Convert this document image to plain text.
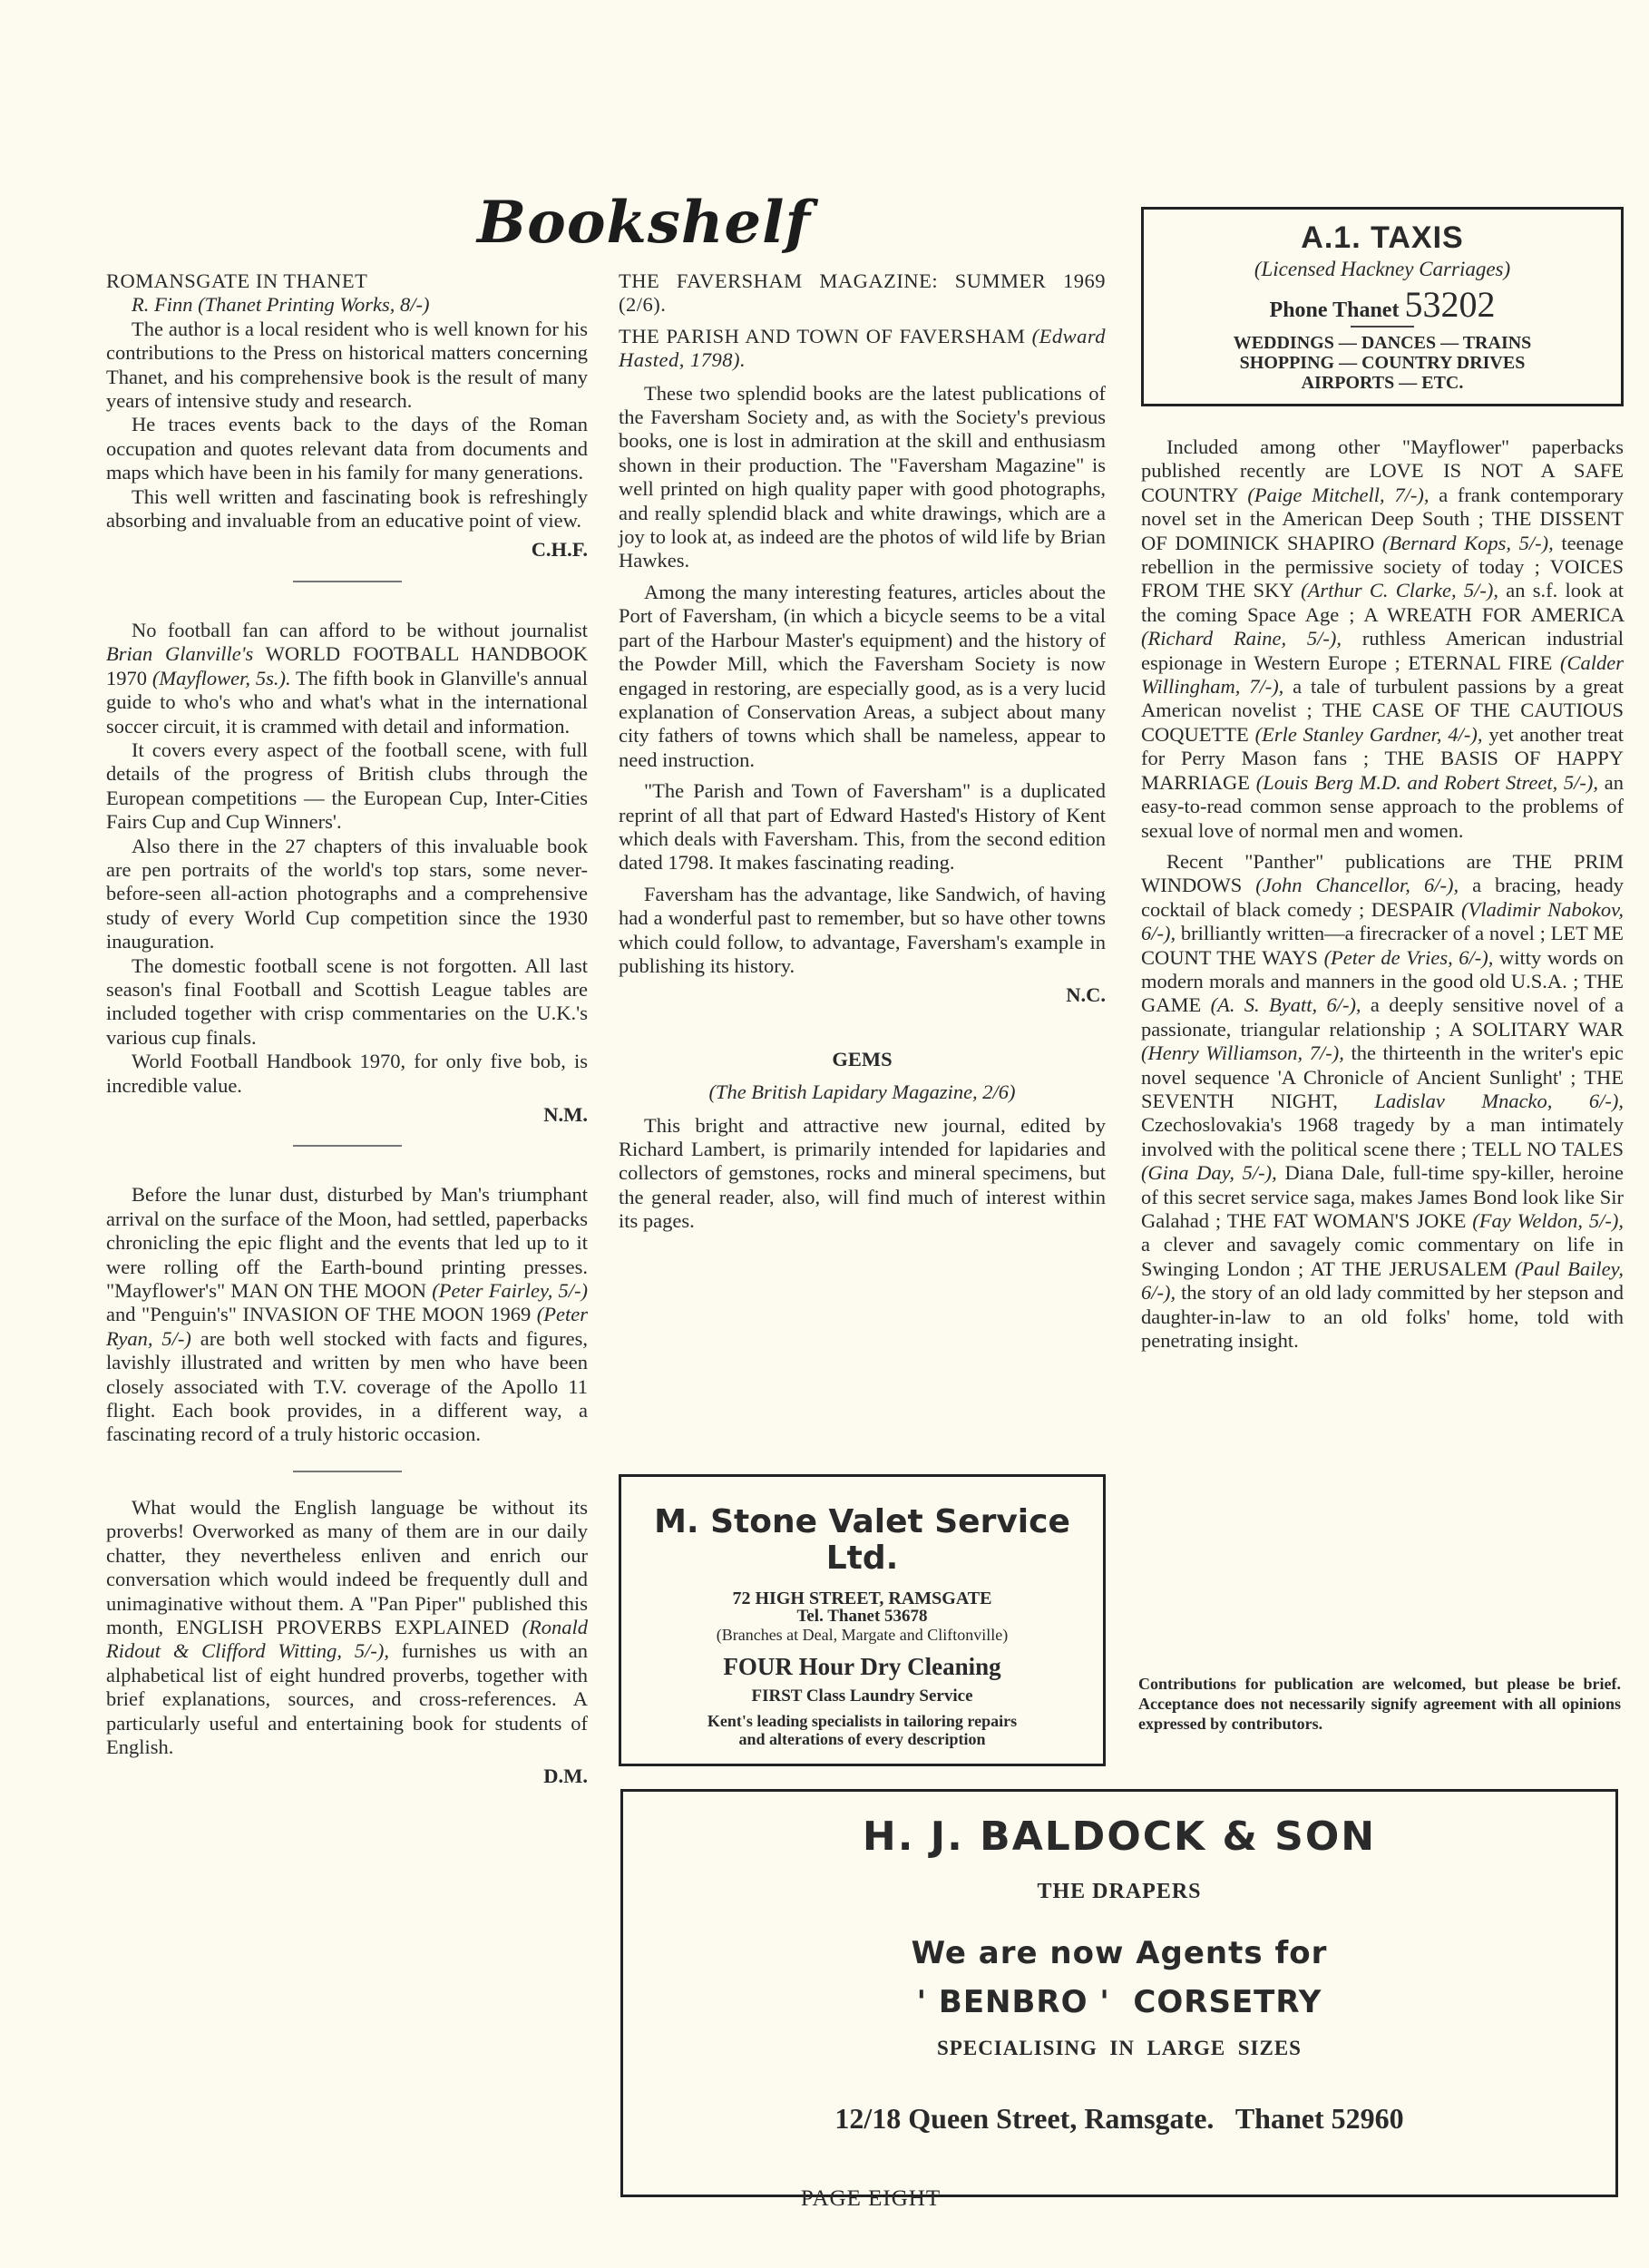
Bookshelf

ROMANSGATE IN THANET

R. Finn (Thanet Printing Works, 8/-)

The author is a local resident who is well known for his contributions to the Press on historical matters concerning Thanet, and his comprehensive book is the result of many years of intensive study and research.

He traces events back to the days of the Roman occupation and quotes relevant data from documents and maps which have been in his family for many generations.

This well written and fascinating book is refreshingly absorbing and invaluable from an educative point of view.

C.H.F.

No football fan can afford to be without journalist Brian Glanville's WORLD FOOTBALL HANDBOOK 1970 (Mayflower, 5s.). The fifth book in Glanville's annual guide to who's who and what's what in the international soccer circuit, it is crammed with detail and information.

It covers every aspect of the football scene, with full details of the progress of British clubs through the European competitions — the European Cup, Inter-Cities Fairs Cup and Cup Winners'.

Also there in the 27 chapters of this invaluable book are pen portraits of the world's top stars, some never-before-seen all-action photographs and a comprehensive study of every World Cup competition since the 1930 inauguration.

The domestic football scene is not forgotten. All last season's final Football and Scottish League tables are included together with crisp commentaries on the U.K.'s various cup finals.

World Football Handbook 1970, for only five bob, is incredible value.

N.M.

Before the lunar dust, disturbed by Man's triumphant arrival on the surface of the Moon, had settled, paperbacks chronicling the epic flight and the events that led up to it were rolling off the Earth-bound printing presses. "Mayflower's" MAN ON THE MOON (Peter Fairley, 5/-) and "Penguin's" INVASION OF THE MOON 1969 (Peter Ryan, 5/-) are both well stocked with facts and figures, lavishly illustrated and written by men who have been closely associated with T.V. coverage of the Apollo 11 flight. Each book provides, in a different way, a fascinating record of a truly historic occasion.

What would the English language be without its proverbs! Overworked as many of them are in our daily chatter, they nevertheless enliven and enrich our conversation which would indeed be frequently dull and unimaginative without them. A "Pan Piper" published this month, ENGLISH PROVERBS EXPLAINED (Ronald Ridout & Clifford Witting, 5/-), furnishes us with an alphabetical list of eight hundred proverbs, together with brief explanations, sources, and cross-references. A particularly useful and entertaining book for students of English.

D.M.

THE FAVERSHAM MAGAZINE: SUMMER 1969 (2/6).

THE PARISH AND TOWN OF FAVERSHAM (Edward Hasted, 1798).

These two splendid books are the latest publications of the Faversham Society and, as with the Society's previous books, one is lost in admiration at the skill and enthusiasm shown in their production. The "Faversham Magazine" is well printed on high quality paper with good photographs, and really splendid black and white drawings, which are a joy to look at, as indeed are the photos of wild life by Brian Hawkes.

Among the many interesting features, articles about the Port of Faversham, (in which a bicycle seems to be a vital part of the Harbour Master's equipment) and the history of the Powder Mill, which the Faversham Society is now engaged in restoring, are especially good, as is a very lucid explanation of Conservation Areas, a subject about many city fathers of towns which shall be nameless, appear to need instruction.

"The Parish and Town of Faversham" is a duplicated reprint of all that part of Edward Hasted's History of Kent which deals with Faversham. This, from the second edition dated 1798. It makes fascinating reading.

Faversham has the advantage, like Sandwich, of having had a wonderful past to remember, but so have other towns which could follow, to advantage, Faversham's example in publishing its history.

N.C.

GEMS

(The British Lapidary Magazine, 2/6)

This bright and attractive new journal, edited by Richard Lambert, is primarily intended for lapidaries and collectors of gemstones, rocks and mineral specimens, but the general reader, also, will find much of interest within its pages.

A.1. TAXIS
(Licensed Hackney Carriages)
Phone Thanet 53202
WEDDINGS — DANCES — TRAINS
SHOPPING — COUNTRY DRIVES
AIRPORTS — ETC.

Included among other "Mayflower" paperbacks published recently are LOVE IS NOT A SAFE COUNTRY (Paige Mitchell, 7/-), a frank contemporary novel set in the American Deep South ; THE DISSENT OF DOMINICK SHAPIRO (Bernard Kops, 5/-), teenage rebellion in the permissive society of today ; VOICES FROM THE SKY (Arthur C. Clarke, 5/-), an s.f. look at the coming Space Age ; A WREATH FOR AMERICA (Richard Raine, 5/-), ruthless American industrial espionage in Western Europe ; ETERNAL FIRE (Calder Willingham, 7/-), a tale of turbulent passions by a great American novelist ; THE CASE OF THE CAUTIOUS COQUETTE (Erle Stanley Gardner, 4/-), yet another treat for Perry Mason fans ; THE BASIS OF HAPPY MARRIAGE (Louis Berg M.D. and Robert Street, 5/-), an easy-to-read common sense approach to the problems of sexual love of normal men and women.

Recent "Panther" publications are THE PRIM WINDOWS (John Chancellor, 6/-), a bracing, heady cocktail of black comedy ; DESPAIR (Vladimir Nabokov, 6/-), brilliantly written—a firecracker of a novel ; LET ME COUNT THE WAYS (Peter de Vries, 6/-), witty words on modern morals and manners in the good old U.S.A. ; THE GAME (A. S. Byatt, 6/-), a deeply sensitive novel of a passionate, triangular relationship ; A SOLITARY WAR (Henry Williamson, 7/-), the thirteenth in the writer's epic novel sequence 'A Chronicle of Ancient Sunlight' ; THE SEVENTH NIGHT, Ladislav Mnacko, 6/-), Czechoslovakia's 1968 tragedy by a man intimately involved with the political scene there ; TELL NO TALES (Gina Day, 5/-), Diana Dale, full-time spy-killer, heroine of this secret service saga, makes James Bond look like Sir Galahad ; THE FAT WOMAN'S JOKE (Fay Weldon, 5/-), a clever and savagely comic commentary on life in Swinging London ; AT THE JERUSALEM (Paul Bailey, 6/-), the story of an old lady committed by her stepson and daughter-in-law to an old folks' home, told with penetrating insight.

M. Stone Valet Service
Ltd.
72 HIGH STREET, RAMSGATE
Tel. Thanet 53678
(Branches at Deal, Margate and Cliftonville)
FOUR Hour Dry Cleaning
FIRST Class Laundry Service
Kent's leading specialists in tailoring repairs
and alterations of every description
Contributions for publication are welcomed, but please be brief. Acceptance does not necessarily signify agreement with all opinions expressed by contributors.
H. J. BALDOCK & SON
THE DRAPERS
We are now Agents for
' BENBRO '  CORSETRY
SPECIALISING  IN  LARGE  SIZES
12/18 Queen Street, Ramsgate.   Thanet 52960
PAGE EIGHT
